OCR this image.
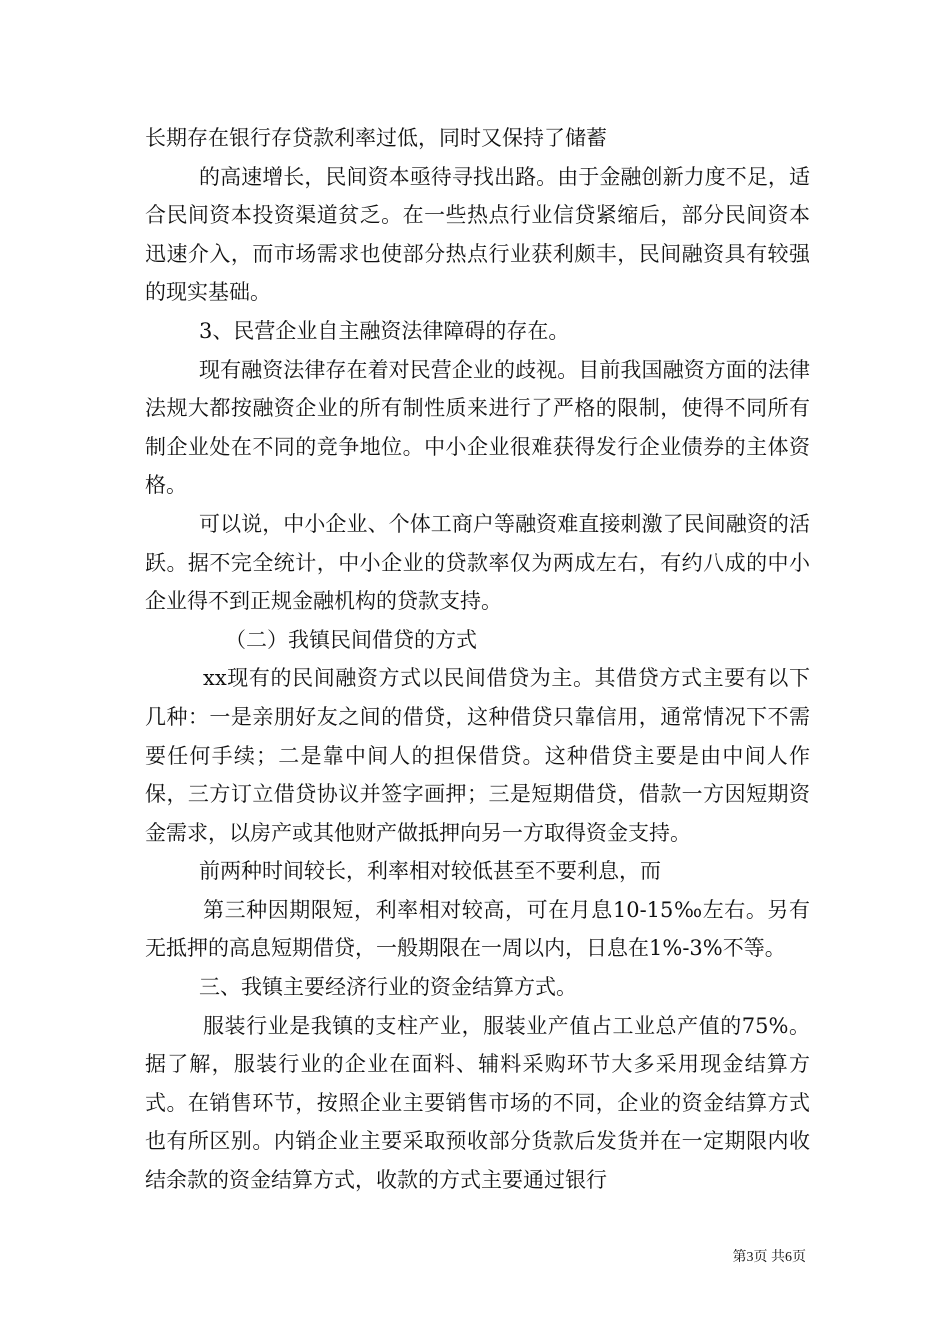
长期存在银行存贷款利率过低，同时又保持了储蓄

的高速增长，民间资本亟待寻找出路。由于金融创新力度不足，适合民间资本投资渠道贫乏。在一些热点行业信贷紧缩后，部分民间资本迅速介入，而市场需求也使部分热点行业获利颇丰，民间融资具有较强的现实基础。

3、民营企业自主融资法律障碍的存在。

现有融资法律存在着对民营企业的歧视。目前我国融资方面的法律法规大都按融资企业的所有制性质来进行了严格的限制，使得不同所有制企业处在不同的竞争地位。中小企业很难获得发行企业债券的主体资格。

可以说，中小企业、个体工商户等融资难直接刺激了民间融资的活跃。据不完全统计，中小企业的贷款率仅为两成左右，有约八成的中小企业得不到正规金融机构的贷款支持。

（二）我镇民间借贷的方式

xx现有的民间融资方式以民间借贷为主。其借贷方式主要有以下几种：一是亲朋好友之间的借贷，这种借贷只靠信用，通常情况下不需要任何手续；二是靠中间人的担保借贷。这种借贷主要是由中间人作保，三方订立借贷协议并签字画押；三是短期借贷，借款一方因短期资金需求，以房产或其他财产做抵押向另一方取得资金支持。

前两种时间较长，利率相对较低甚至不要利息，而

第三种因期限短，利率相对较高，可在月息10-15‰左右。另有无抵押的高息短期借贷，一般期限在一周以内，日息在1%-3%不等。

三、我镇主要经济行业的资金结算方式。

服装行业是我镇的支柱产业，服装业产值占工业总产值的75%。据了解，服装行业的企业在面料、辅料采购环节大多采用现金结算方式。在销售环节，按照企业主要销售市场的不同，企业的资金结算方式也有所区别。内销企业主要采取预收部分货款后发货并在一定期限内收结余款的资金结算方式，收款的方式主要通过银行

第3页 共6页
